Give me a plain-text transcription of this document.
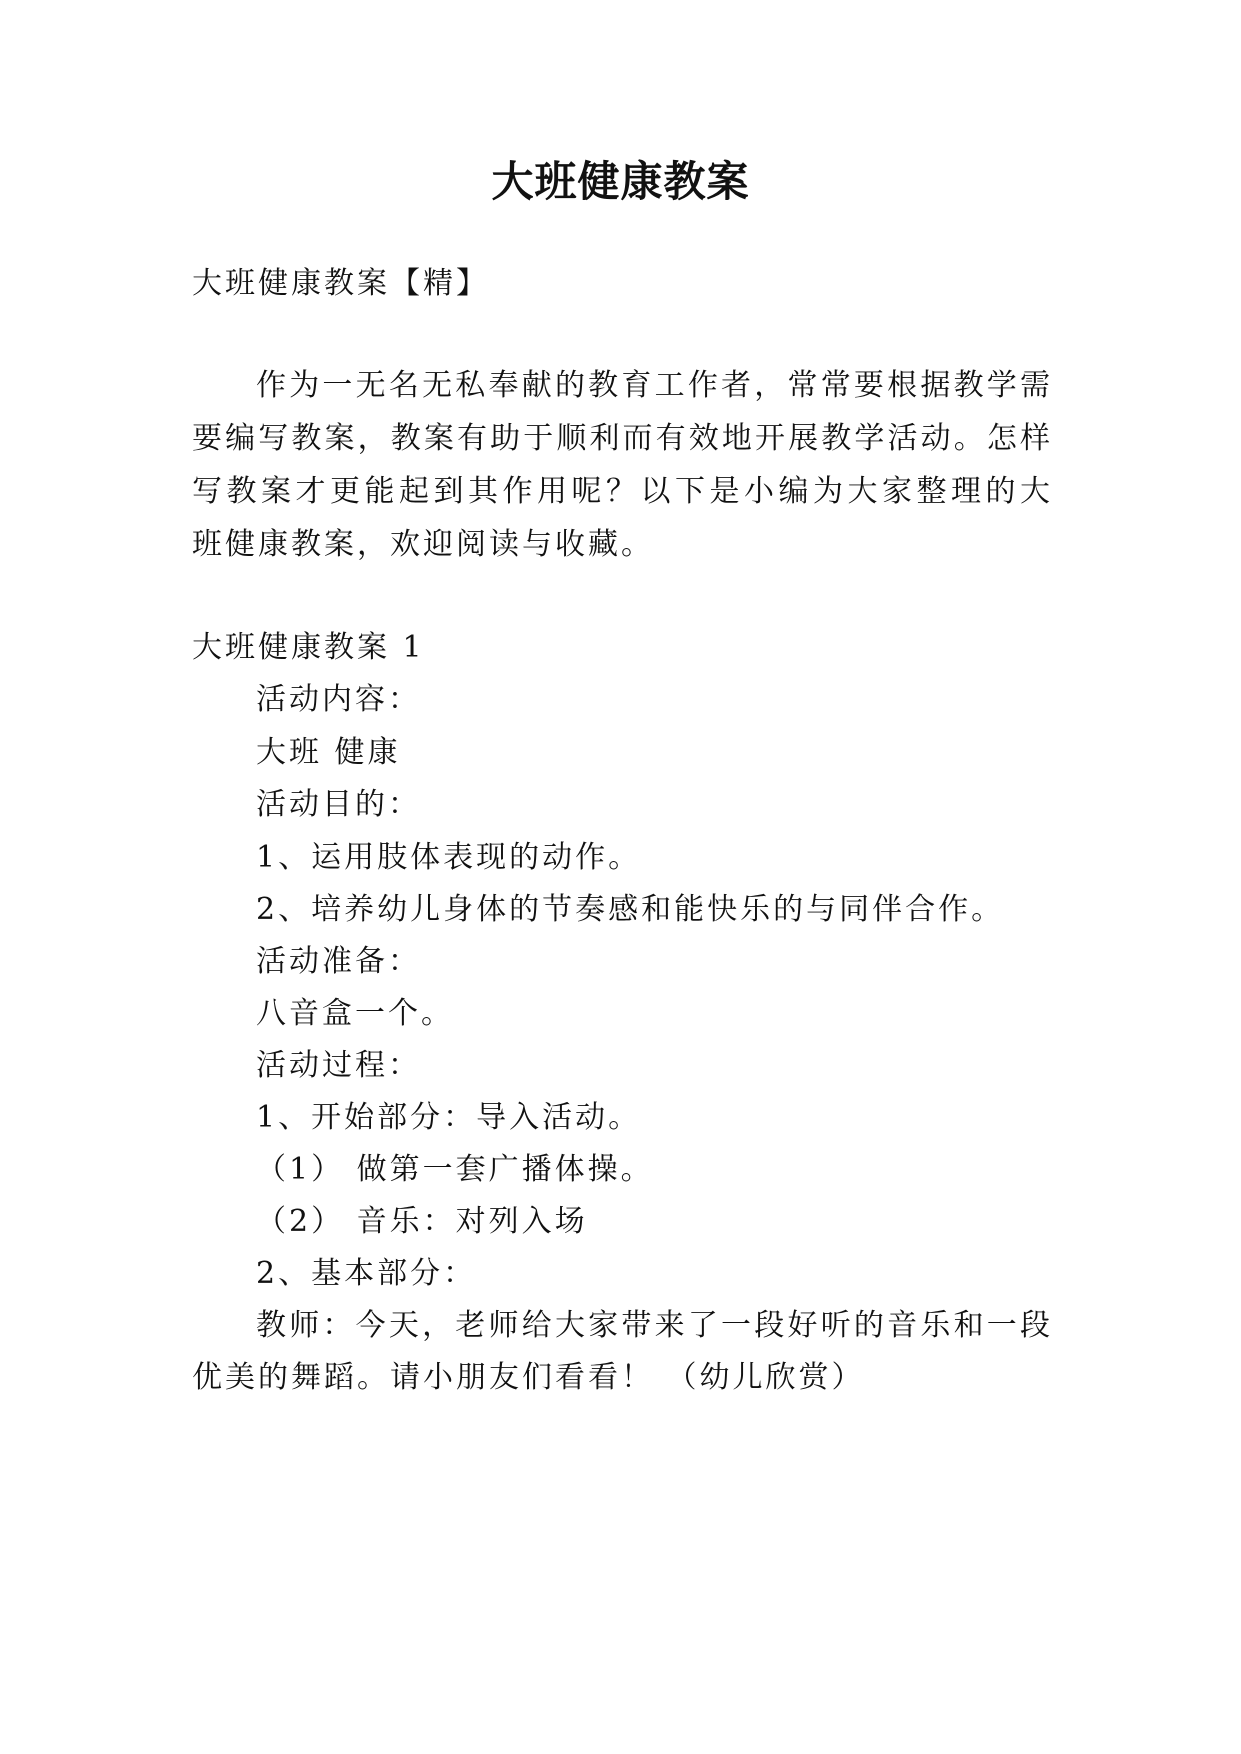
大班健康教案
大班健康教案【精】
作为一无名无私奉献的教育工作者，常常要根据教学需
要编写教案，教案有助于顺利而有效地开展教学活动。怎样
写教案才更能起到其作用呢？以下是小编为大家整理的大
班健康教案，欢迎阅读与收藏。
大班健康教案 1
活动内容：
大班 健康
活动目的：
1、运用肢体表现的动作。
2、培养幼儿身体的节奏感和能快乐的与同伴合作。
活动准备：
八音盒一个。
活动过程：
1、开始部分：导入活动。
（1） 做第一套广播体操。
（2） 音乐：对列入场
2、基本部分：
教师：今天，老师给大家带来了一段好听的音乐和一段
优美的舞蹈。请小朋友们看看！ （幼儿欣赏）
